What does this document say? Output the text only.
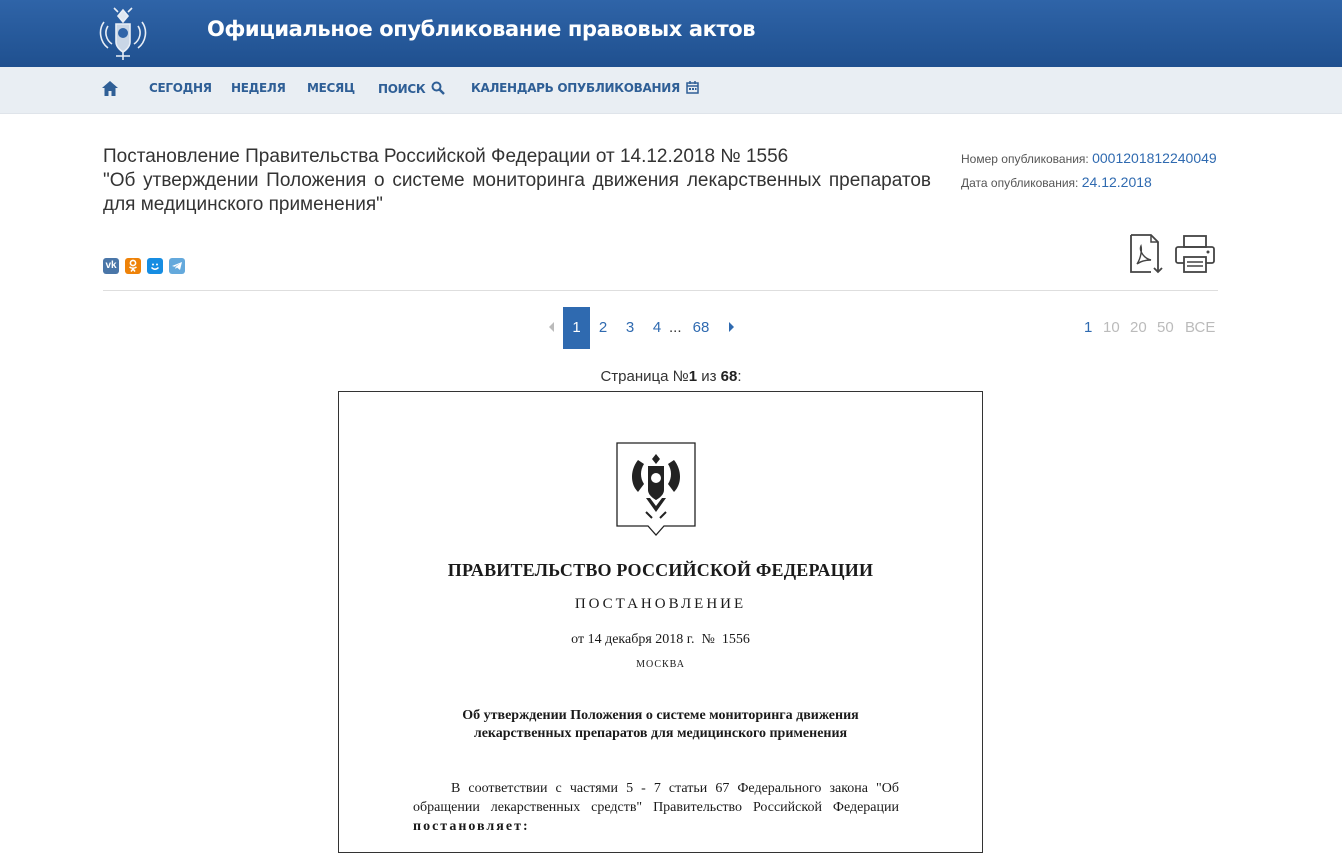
Официальное опубликование правовых актов
СЕГОДНЯ НЕДЕЛЯ МЕСЯЦ ПОИСК	КАЛЕНДАРЬ ОПУБЛИКОВАНИЯ
Постановление Правительства Российской Федерации от 14.12.2018 № 1556
"Об утверждении Положения о системе мониторинга движения лекарственных препаратов для медицинского применения"
Номер опубликования: 0001201812240049
Дата опубликования: 24.12.2018
vk
1	2	3	4 ... 68	1 10 20 50 ВСЕ
Страница №1 из 68:
ПРАВИТЕЛЬСТВО РОССИЙСКОЙ ФЕДЕРАЦИИ
ПОСТАНОВЛЕНИЕ
от 14 декабря 2018 г.  №  1556
МОСКВА
Об утверждении Положения о системе мониторинга движения
лекарственных препаратов для медицинского применения
В соответствии с частями 5 - 7 статьи 67 Федерального закона "Об обращении лекарственных средств" Правительство Российской Федерации постановляет:
